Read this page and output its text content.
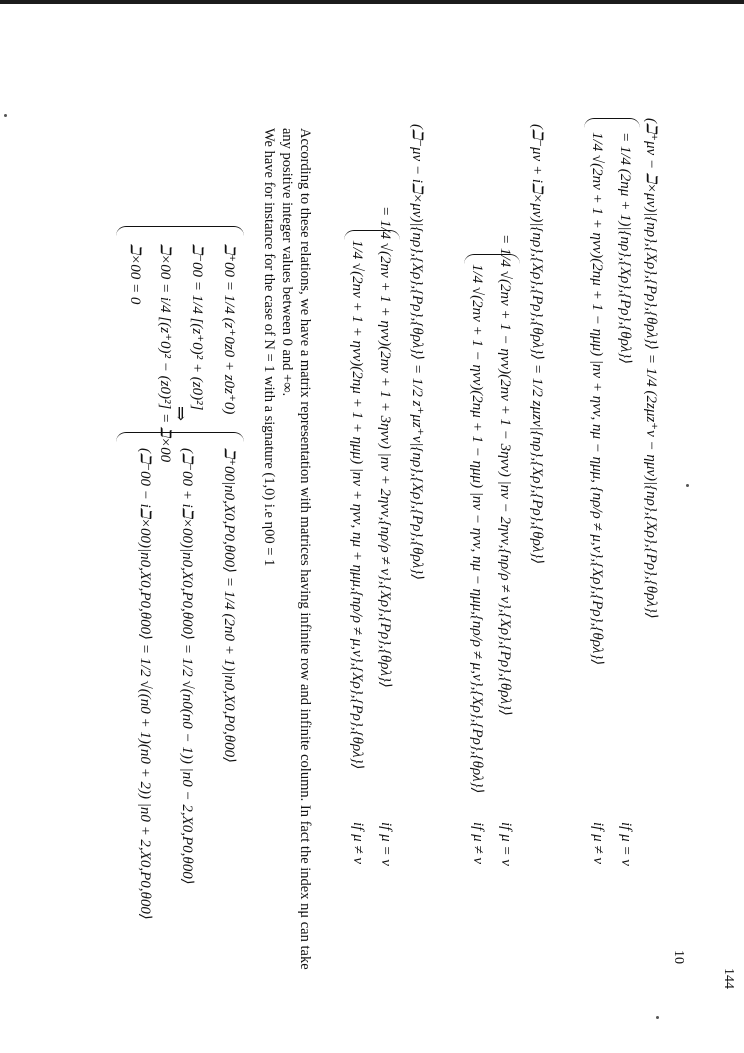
(ℶ⁺μν − ℶ×μν)|{nρ},{Xρ},{Pρ},{θρλ}⟩ = 1/4 (2zμz⁺ν − ημν)|{nρ},{Xρ},{Pρ},{θρλ}⟩
= 1/4 (2nμ + 1)|{nρ},{Xρ},{Pρ},{θρλ}⟩
if μ = ν
1/4 √(2nν + 1 + ηνν)(2nμ + 1 − ημμ) |nν + ηνν, nμ − ημμ, {nρ/ρ ≠ μ,ν},{Xρ},{Pρ},{θρλ}⟩
if μ ≠ ν
(ℶ⁻μν + iℶ×μν)|{nρ},{Xρ},{Pρ},{θρλ}⟩ = 1/2 zμzν|{nρ},{Xρ},{Pρ},{θρλ}⟩
= 1/4 √(2nν + 1 − ηνν)(2nν + 1 − 3ηνν) |nν − 2ηνν,{nρ/ρ ≠ ν},{Xρ},{Pρ},{θρλ}⟩
if μ = ν
1/4 √(2nν + 1 − ηνν)(2nμ + 1 − ημμ) |nν − ηνν, nμ − ημμ,{nρ/ρ ≠ μ,ν},{Xρ},{Pρ},{θρλ}⟩
if μ ≠ ν
(ℶ⁻μν − iℶ×μν)|{nρ},{Xρ},{Pρ},{θρλ}⟩ = 1/2 z⁺μz⁺ν|{nρ},{Xρ},{Pρ},{θρλ}⟩
= 1/4 √(2nν + 1 + ηνν)(2nν + 1 + 3ηνν) |nν + 2ηνν,{nρ/ρ ≠ ν},{Xρ},{Pρ},{θρλ}⟩
if μ = ν
1/4 √(2nν + 1 + ηνν)(2nμ + 1 + ημμ) |nν + ηνν, nμ + ημμ,{nρ/ρ ≠ μ,ν},{Xρ},{Pρ},{θρλ}⟩
if μ ≠ ν
According to these relations, we have a matrix representation with matrices having infinite row and infinite column. In fact the index nμ can take
any positive integer values between 0 and +∞.
We have for instance for the case of N = 1 with a signature (1,0) i.e η00 = 1
ℶ⁺00 = 1/4 (z⁺0z0 + z0z⁺0)
ℶ⁻00 = 1/4 [(z⁺0)² + (z0)²]
ℶ×00 = i/4 [(z⁺0)² − (z0)²] = ℶ×00
ℶ×00 = 0
⇒
ℶ⁺00|n0,X0,P0,θ00⟩ = 1/4 (2n0 + 1)|n0,X0,P0,θ00⟩
(ℶ⁻00 + iℶ×00)|n0,X0,P0,θ00⟩ = 1/2 √(n0(n0 − 1)) |n0 − 2,X0,P0,θ00⟩
(ℶ⁻00 − iℶ×00)|n0,X0,P0,θ00⟩ = 1/2 √((n0 + 1)(n0 + 2)) |n0 + 2,X0,P0,θ00⟩
10
144
